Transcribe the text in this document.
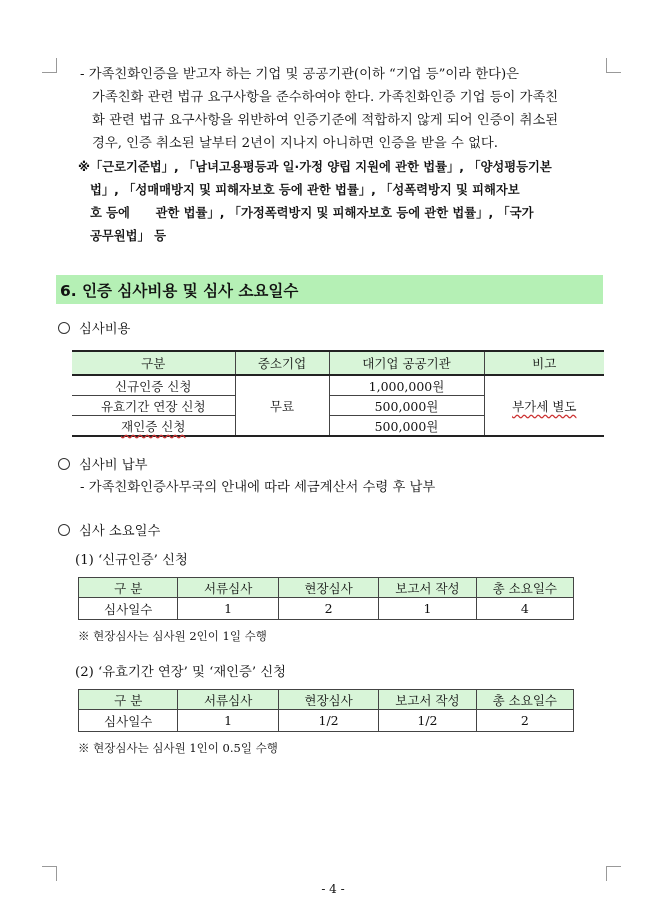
- 가족친화인증을 받고자 하는 기업 및 공공기관(이하 “기업 등”이라 한다)은
가족친화 관련 법규 요구사항을 준수하여야 한다. 가족친화인증 기업 등이 가족친
화 관련 법규 요구사항을 위반하여 인증기준에 적합하지 않게 되어 인증이 취소된
경우, 인증 취소된 날부터 2년이 지나지 아니하면 인증을 받을 수 없다.
※「근로기준법」, 「남녀고용평등과 일·가정 양립 지원에 관한 법률」, 「양성평등기본
법」, 「성매매방지 및 피해자보호 등에 관한 법률」, 「성폭력방지 및 피해자보
호 등에      관한 법률」, 「가정폭력방지 및 피해자보호 등에 관한 법률」, 「국가
공무원법」 등
6. 인증 심사비용 및 심사 소요일수
심사비용
구분	중소기업	대기업 공공기관	비고
신규인증 신청	무료	1,000,000원	부가세 별도
유효기간 연장 신청		500,000원	
재인증 신청		500,000원	
심사비 납부
- 가족친화인증사무국의 안내에 따라 세금계산서 수령 후 납부
심사 소요일수
(1) ‘신규인증’ 신청
구 분	서류심사	현장심사	보고서 작성	총 소요일수
심사일수	1	2	1	4
※ 현장심사는 심사원 2인이 1일 수행
(2) ‘유효기간 연장’ 및 ‘재인증’ 신청
구 분	서류심사	현장심사	보고서 작성	총 소요일수
심사일수	1	1/2	1/2	2
※ 현장심사는 심사원 1인이 0.5일 수행
- 4 -
